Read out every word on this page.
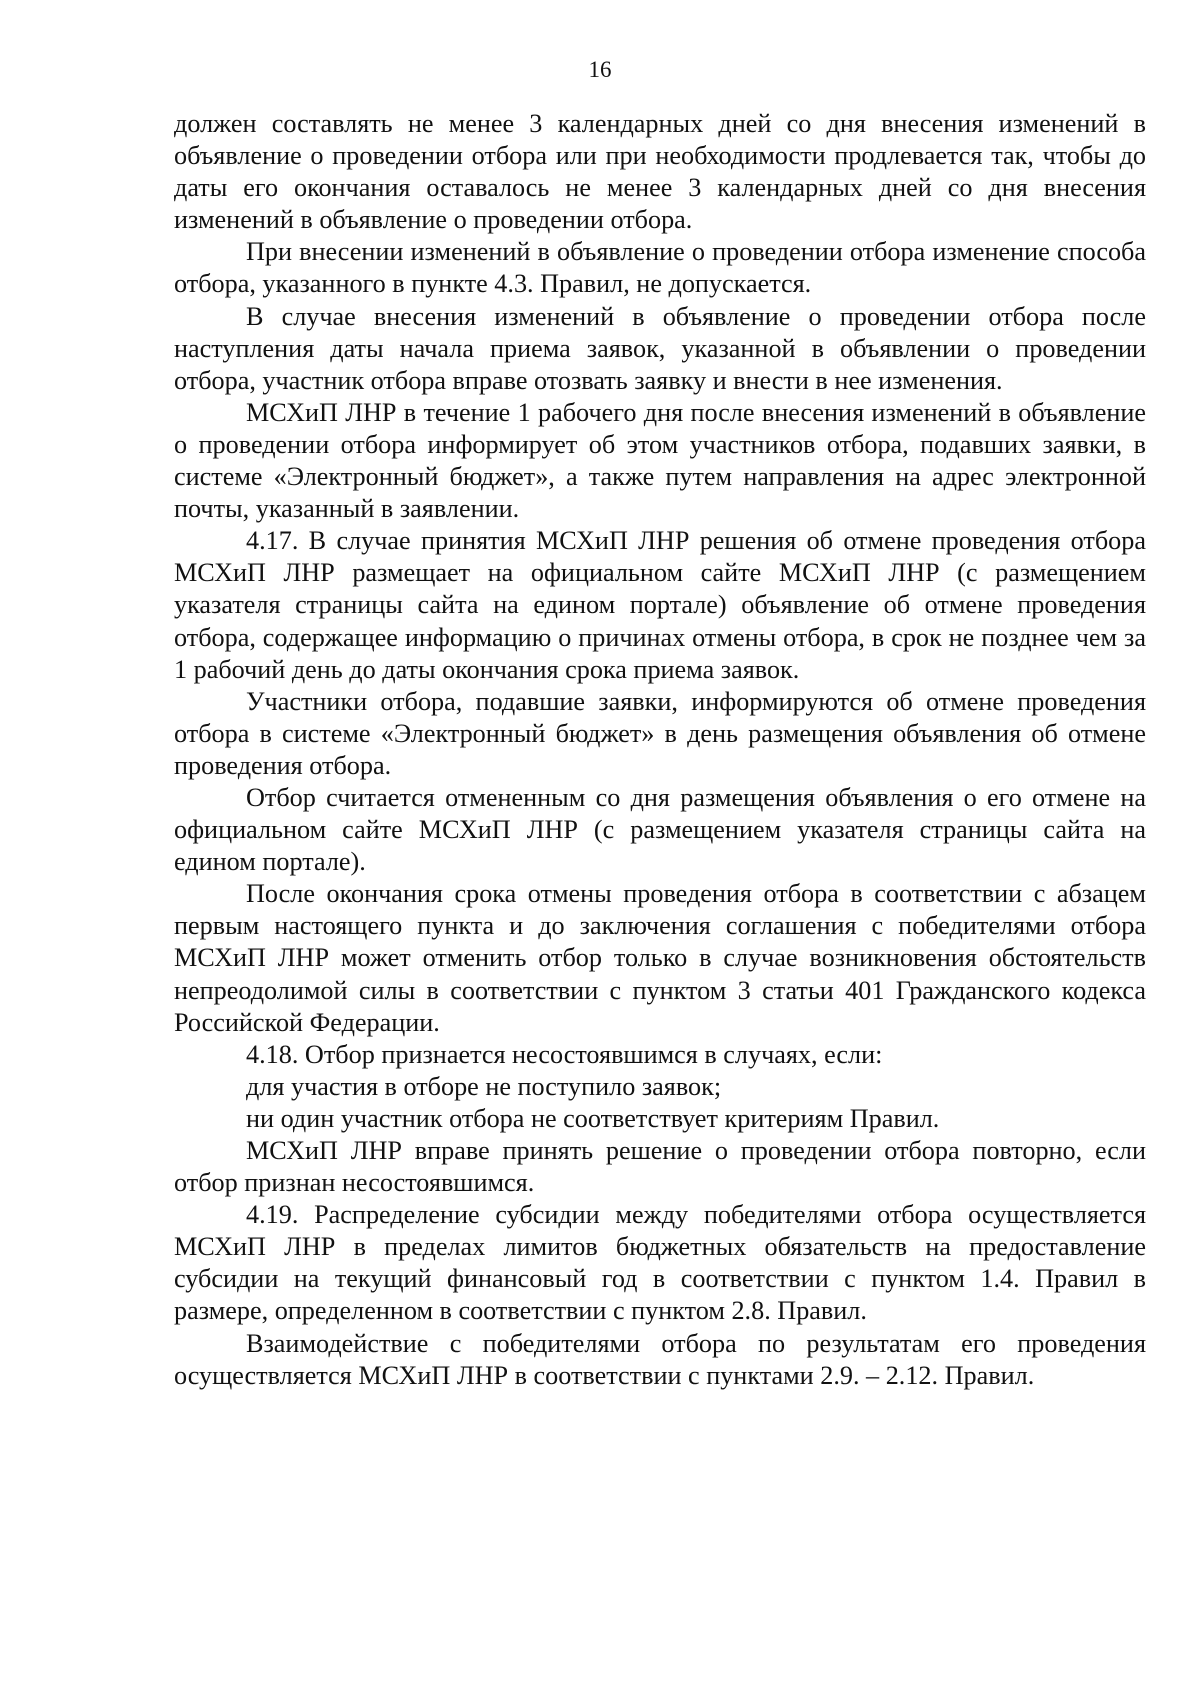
16

должен составлять не менее 3 календарных дней со дня внесения изменений в объявление о проведении отбора или при необходимости продлевается так, чтобы до даты его окончания оставалось не менее 3 календарных дней со дня внесения изменений в объявление о проведении отбора.

При внесении изменений в объявление о проведении отбора изменение способа отбора, указанного в пункте 4.3. Правил, не допускается.

В случае внесения изменений в объявление о проведении отбора после наступления даты начала приема заявок, указанной в объявлении о проведении отбора, участник отбора вправе отозвать заявку и внести в нее изменения.

МСХиП ЛНР в течение 1 рабочего дня после внесения изменений в объявление о проведении отбора информирует об этом участников отбора, подавших заявки, в системе «Электронный бюджет», а также путем направления на адрес электронной почты, указанный в заявлении.

4.17. В случае принятия МСХиП ЛНР решения об отмене проведения отбора МСХиП ЛНР размещает на официальном сайте МСХиП ЛНР (с размещением указателя страницы сайта на едином портале) объявление об отмене проведения отбора, содержащее информацию о причинах отмены отбора, в срок не позднее чем за 1 рабочий день до даты окончания срока приема заявок.

Участники отбора, подавшие заявки, информируются об отмене проведения отбора в системе «Электронный бюджет» в день размещения объявления об отмене проведения отбора.

Отбор считается отмененным со дня размещения объявления о его отмене на официальном сайте МСХиП ЛНР (с размещением указателя страницы сайта на едином портале).

После окончания срока отмены проведения отбора в соответствии с абзацем первым настоящего пункта и до заключения соглашения с победителями отбора МСХиП ЛНР может отменить отбор только в случае возникновения обстоятельств непреодолимой силы в соответствии с пунктом 3 статьи 401 Гражданского кодекса Российской Федерации.

4.18. Отбор признается несостоявшимся в случаях, если:

для участия в отборе не поступило заявок;

ни один участник отбора не соответствует критериям Правил.

МСХиП ЛНР вправе принять решение о проведении отбора повторно, если отбор признан несостоявшимся.

4.19. Распределение субсидии между победителями отбора осуществляется МСХиП ЛНР в пределах лимитов бюджетных обязательств на предоставление субсидии на текущий финансовый год в соответствии с пунктом 1.4. Правил в размере, определенном в соответствии с пунктом 2.8. Правил.

Взаимодействие с победителями отбора по результатам его проведения осуществляется МСХиП ЛНР в соответствии с пунктами 2.9. – 2.12. Правил.
